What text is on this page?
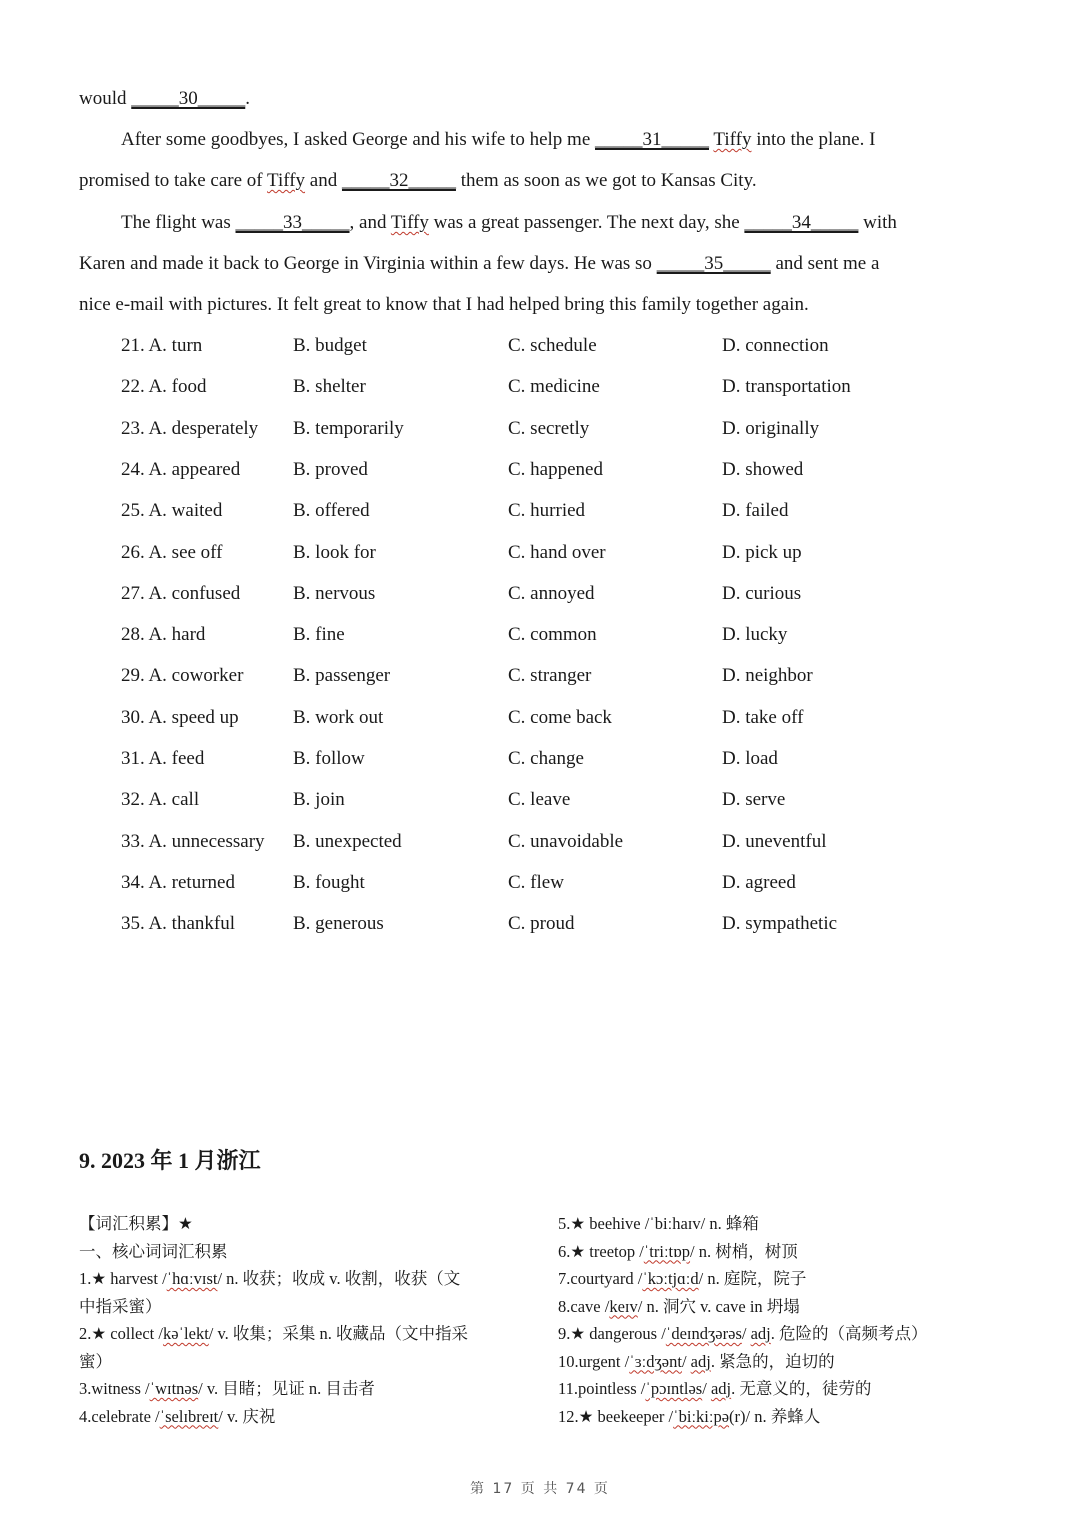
would _____30_____.
After some goodbyes, I asked George and his wife to help me _____31_____ Tiffy into the plane. I
promised to take care of Tiffy and _____32_____ them as soon as we got to Kansas City.
The flight was _____33_____, and Tiffy was a great passenger. The next day, she _____34_____ with
Karen and made it back to George in Virginia within a few days. He was so _____35_____ and sent me a
nice e-mail with pictures. It felt great to know that I had helped bring this family together again.
21. A. turn	B. budget	C. schedule	D. connection
22. A. food	B. shelter	C. medicine	D. transportation
23. A. desperately B. temporarily	C. secretly	D. originally
24. A. appeared	B. proved	C. happened	D. showed
25. A. waited	B. offered	C. hurried	D. failed
26. A. see off	B. look for	C. hand over	D. pick up
27. A. confused	B. nervous	C. annoyed	D. curious
28. A. hard	B. fine	C. common	D. lucky
29. A. coworker	B. passenger	C. stranger	D. neighbor
30. A. speed up	B. work out	C. come back	D. take off
31. A. feed	B. follow	C. change	D. load
32. A. call	B. join	C. leave	D. serve
33. A. unnecessary B. unexpected	C. unavoidable	D. uneventful
34. A. returned	B. fought	C. flew	D. agreed
35. A. thankful	B. generous	C. proud	D. sympathetic
9. 2023 年 1 月浙江
【词汇积累】★
一、核心词词汇积累
1.★ harvest /ˈhɑːvɪst/ n. 收获；收成 v. 收割，收获（文
中指采蜜）
2.★ collect /kəˈlekt/ v. 收集；采集 n. 收藏品（文中指采
蜜）
3.witness /ˈwɪtnəs/ v. 目睹；见证 n. 目击者
4.celebrate /ˈselɪbreɪt/ v. 庆祝
5.★ beehive /ˈbiːhaɪv/ n. 蜂箱
6.★ treetop /ˈtriːtɒp/ n. 树梢，树顶
7.courtyard /ˈkɔːtjɑːd/ n. 庭院，院子
8.cave /keɪv/ n. 洞穴 v. cave in 坍塌
9.★ dangerous /ˈdeɪndʒərəs/ adj. 危险的（高频考点）
10.urgent /ˈɜːdʒənt/ adj. 紧急的，迫切的
11.pointless /ˈpɔɪntləs/ adj. 无意义的，徒劳的
12.★ beekeeper /ˈbiːkiːpə(r)/ n. 养蜂人
第 17 页 共 74 页
